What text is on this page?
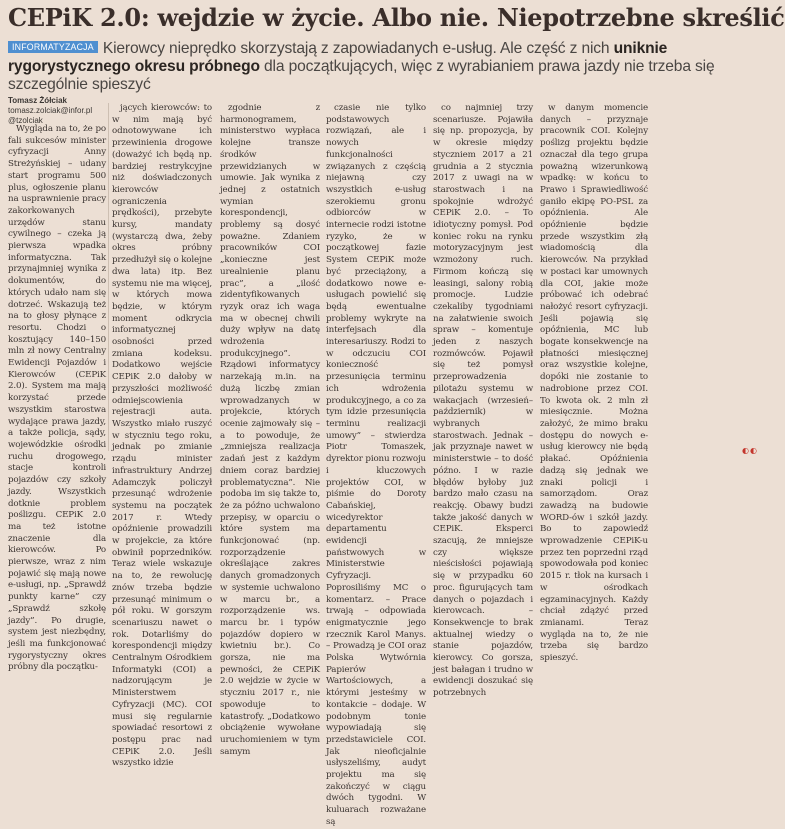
CEPiK 2.0: wejdzie w życie. Albo nie. Niepotrzebne skreślić
INFORMATYZACJA Kierowcy nieprędko skorzystają z zapowiadanych e-usług. Ale część z nich uniknie rygorystycznego okresu próbnego dla początkujących, więc z wyrabianiem prawa jazdy nie trzeba się szczególnie spieszyć
Tomasz Żółciak
tomasz.zolciak@infor.pl
@tzolciak

Wygląda na to, że po fali sukcesów minister cyfryzacji Anny Streżyńskiej – udany start programu 500 plus, ogłoszenie planu na usprawnienie pracy zakorkowanych urzędów stanu cywilnego – czeka ją pierwsza wpadka informatyczna. Tak przynajmniej wynika z dokumentów, do których udało nam się dotrzeć. Wskazują też na to głosy płynące z resortu. Chodzi o kosztujący 140–150 mln zł nowy Centralny Ewidencji Pojazdów i Kierowców (CEPiK 2.0). System ma mają korzystać przede wszystkim starostwa wydające prawa jazdy, a także policja, sądy, wojewódzkie ośrodki ruchu drogowego, stacje kontroli pojazdów czy szkoły jazdy. Wszystkich dotknie problem poślizgu. CEPiK 2.0 ma też istotne znaczenie dla kierowców. Po pierwsze, wraz z nim pojawić się mają nowe e-usługi, np. „Sprawdź punkty karne” czy „Sprawdź szkołę jazdy”. Po drugie, system jest niezbędny, jeśli ma funkcjonować rygorystyczny okres próbny dla początku-

jących kierowców: to w nim mają być odnotowywane ich przewinienia drogowe (doważyć ich będą np. bardziej restrykcyjne niż doświadczonych kierowców ograniczenia prędkości), przebyte kursy, mandaty (wystarczą dwa, żeby okres próbny przedłużył się o kolejne dwa lata) itp. Bez systemu nie ma więcej, w których mowa będzie, w którym moment odkrycia informatycznej osobności przed zmiana kodeksu. Dodatkowo wejście CEPiK 2.0 dałoby w przyszłości możliwość odmiejscowienia rejestracji auta. Wszystko miało ruszyć w styczniu tego roku, jednak po zmianie rządu minister infrastruktury Andrzej Adamczyk policzył przesunąć wdrożenie systemu na początek 2017 r. Wtedy opóźnienie prowadzili w projekcie, za które obwinił poprzedników. Teraz wiele wskazuje na to, że rewolucję znów trzeba będzie przesunąć minimum o pół roku. W gorszym scenariuszu nawet o rok. Dotarliśmy do korespondencji między Centralnym Ośrodkiem Informatyki (COI) a nadzorującym je Ministerstwem Cyfryzacji (MC). COI musi się regularnie spowiadać resortowi z postępu prac nad CEPiK 2.0. Jeśli wszystko idzie

zgodnie z harmonogramem, ministerstwo wypłaca kolejne transze środków przewidzianych w umowie. Jak wynika z jednej z ostatnich wymian korespondencji, problemy są dosyć poważne. Zdaniem pracowników COI „konieczne jest urealnienie planu prac”, a „ilość zidentyfikowanych ryzyk oraz ich waga ma w obecnej chwili duży wpływ na datę wdrożenia produkcyjnego”. Rządowi informatycy narzekają m.in. na dużą liczbę zmian wprowadzanych w projekcie, których ocenie zajmowały się – a to powoduje, że „zmniejsza realizacja zadań jest z każdym dniem coraz bardziej problematyczna”. Nie podoba im się także to, że za późno uchwalono przepisy, w oparciu o które system ma funkcjonować (np. rozporządzenie określające zakres danych gromadzonych w systemie uchwalono w marcu br., a rozporządzenie ws. marcu br. i typów pojazdów dopiero w kwietniu br.). Co gorsza, nie ma pewności, że CEPiK 2.0 wejdzie w życie w styczniu 2017 r., nie spowoduje to katastrofy. „Dodatkowo obciążenie wywołane uruchomieniem w tym samym

czasie nie tylko podstawowych rozwiązań, ale i nowych funkcjonalności związanych z częścią niejawną czy wszystkich e-usług szerokiemu gronu odbiorców w internecie rodzi istotne ryzyko, że w początkowej fazie System CEPiK może być przeciążony, a dodatkowo nowe e-usługach powielić się będą ewentualne problemy wykryte na interfejsach dla interesariuszy. Rodzi to w odczuciu COI konieczność przesunięcia terminu ich wdrożenia produkcyjnego, a co za tym idzie przesunięcia terminu realizacji umowy” – stwierdza Piotr Tomaszek, dyrektor pionu rozwoju i kluczowych projektów COI, w piśmie do Doroty Cabańskiej, wicedyrektor departamentu ewidencji państwowych w Ministerstwie Cyfryzacji. Poprosiliśmy MC o komentarz. – Prace trwają – odpowiada enigmatycznie jego rzecznik Karol Manys. – Prowadzą je COI oraz Polska Wytwórnia Papierów Wartościowych, a którymi jesteśmy w kontakcie – dodaje. W podobnym tonie wypowiadają się przedstawiciele COI. Jak nieoficjalnie usłyszeliśmy, audyt projektu ma się zakończyć w ciągu dwóch tygodni. W kuluarach rozważane są

co najmniej trzy scenariusze. Pojawiła się np. propozycja, by w okresie między styczniem 2017 a 21 grudnia a 2 stycznia 2017 z uwagi na w starostwach i na spokojnie wdrożyć CEPiK 2.0. – To idiotyczny pomysł. Pod koniec roku na rynku motoryzacyjnym jest wzmożony ruch. Firmom kończą się leasingi, salony robią promocje. Ludzie czekaliby tygodniami na załatwienie swoich spraw – komentuje jeden z naszych rozmówców. Pojawił się też pomysł przeprowadzenia pilotażu systemu w wakacjach (wrzesień–październik) w wybranych starostwach. Jednak – jak przyznaje nawet w ministerstwie – to dość późno. I w razie błędów byłoby już bardzo mało czasu na reakcję. Obawy budzi także jakość danych w CEPiK. Eksperci szacują, że mniejsze czy większe nieścisłości pojawiają się w przypadku 60 proc. figurujących tam danych o pojazdach i kierowcach. – Konsekwencje to brak aktualnej wiedzy o stanie pojazdów, kierowcy. Co gorsza, jest bałagan i trudno w ewidencji doszukać się potrzebnych

w danym momencie danych – przyznaje pracownik COI. Kolejny poślizg projektu będzie oznaczał dla tego grupa poważną wizerunkową wpadkę: w końcu to Prawo i Sprawiedliwość ganiło ekipę PO-PSL za opóźnienia. Ale opóźnienie będzie przede wszystkim złą wiadomością dla kierowców. Na przykład w postaci kar umownych dla COI, jakie może próbować ich odebrać nałożyć resort cyfryzacji. Jeśli pojawią się opóźnienia, MC lub bogate konsekwencje na płatności miesięcznej oraz wszystkie kolejne, dopóki nie zostanie to nadrobione przez COI. To kwota ok. 2 mln zł miesięcznie. Można założyć, że mimo braku dostępu do nowych e-usług kierowcy nie będą płakać. Opóźnienia dadzą się jednak we znaki policji i samorządom. Oraz zawadzą na budowie WORD-ów i szkół jazdy. Bo to zapowiedź wprowadzenie CEPiK-u przez ten poprzedni rząd spowodowała pod koniec 2015 r. tłok na kursach i w ośrodkach egzaminacyjnych. Każdy chciał zdążyć przed zmianami. Teraz wygląda na to, że nie trzeba się bardzo spieszyć.

◐◐
